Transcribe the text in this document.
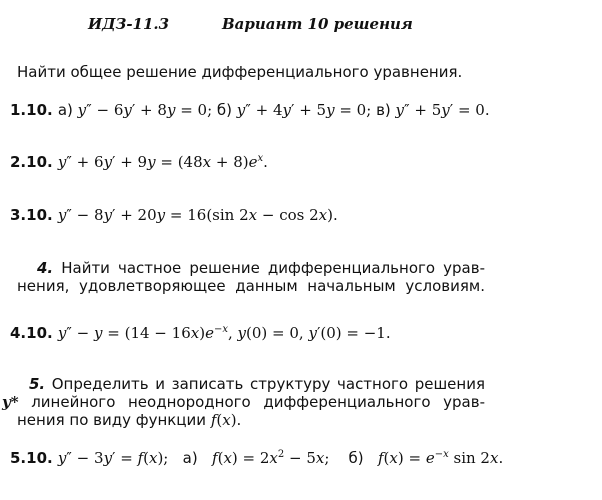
ИДЗ-11.3	Вариант 10 решения
Найти общее решение дифференциального уравнения.
1.10. а) y″ − 6y′ + 8y = 0; б) y″ + 4y′ + 5y = 0; в) y″ + 5y′ = 0.
2.10. $y'' + 6y' + 9y = (48x + 8)e^x$.
3.10. y″ − 8y′ + 20y = 16(sin 2x − cos 2x).
4. Найти частное решение дифференциального урав-
нения, удовлетворяющее данным начальным условиям.
4.10. $y'' - y = (14 - 16x)e^{-x}$, y(0) = 0, y′(0) = −1.
5. Определить и записать структуру частного решения
y* линейного неоднородного дифференциального урав-
нения по виду функции f(x).
5.10. y″ − 3y′ = f(x);   а) $f(x) = 2x^2 - 5x$;    б) $f(x) = e^{-x}$ sin 2x.
